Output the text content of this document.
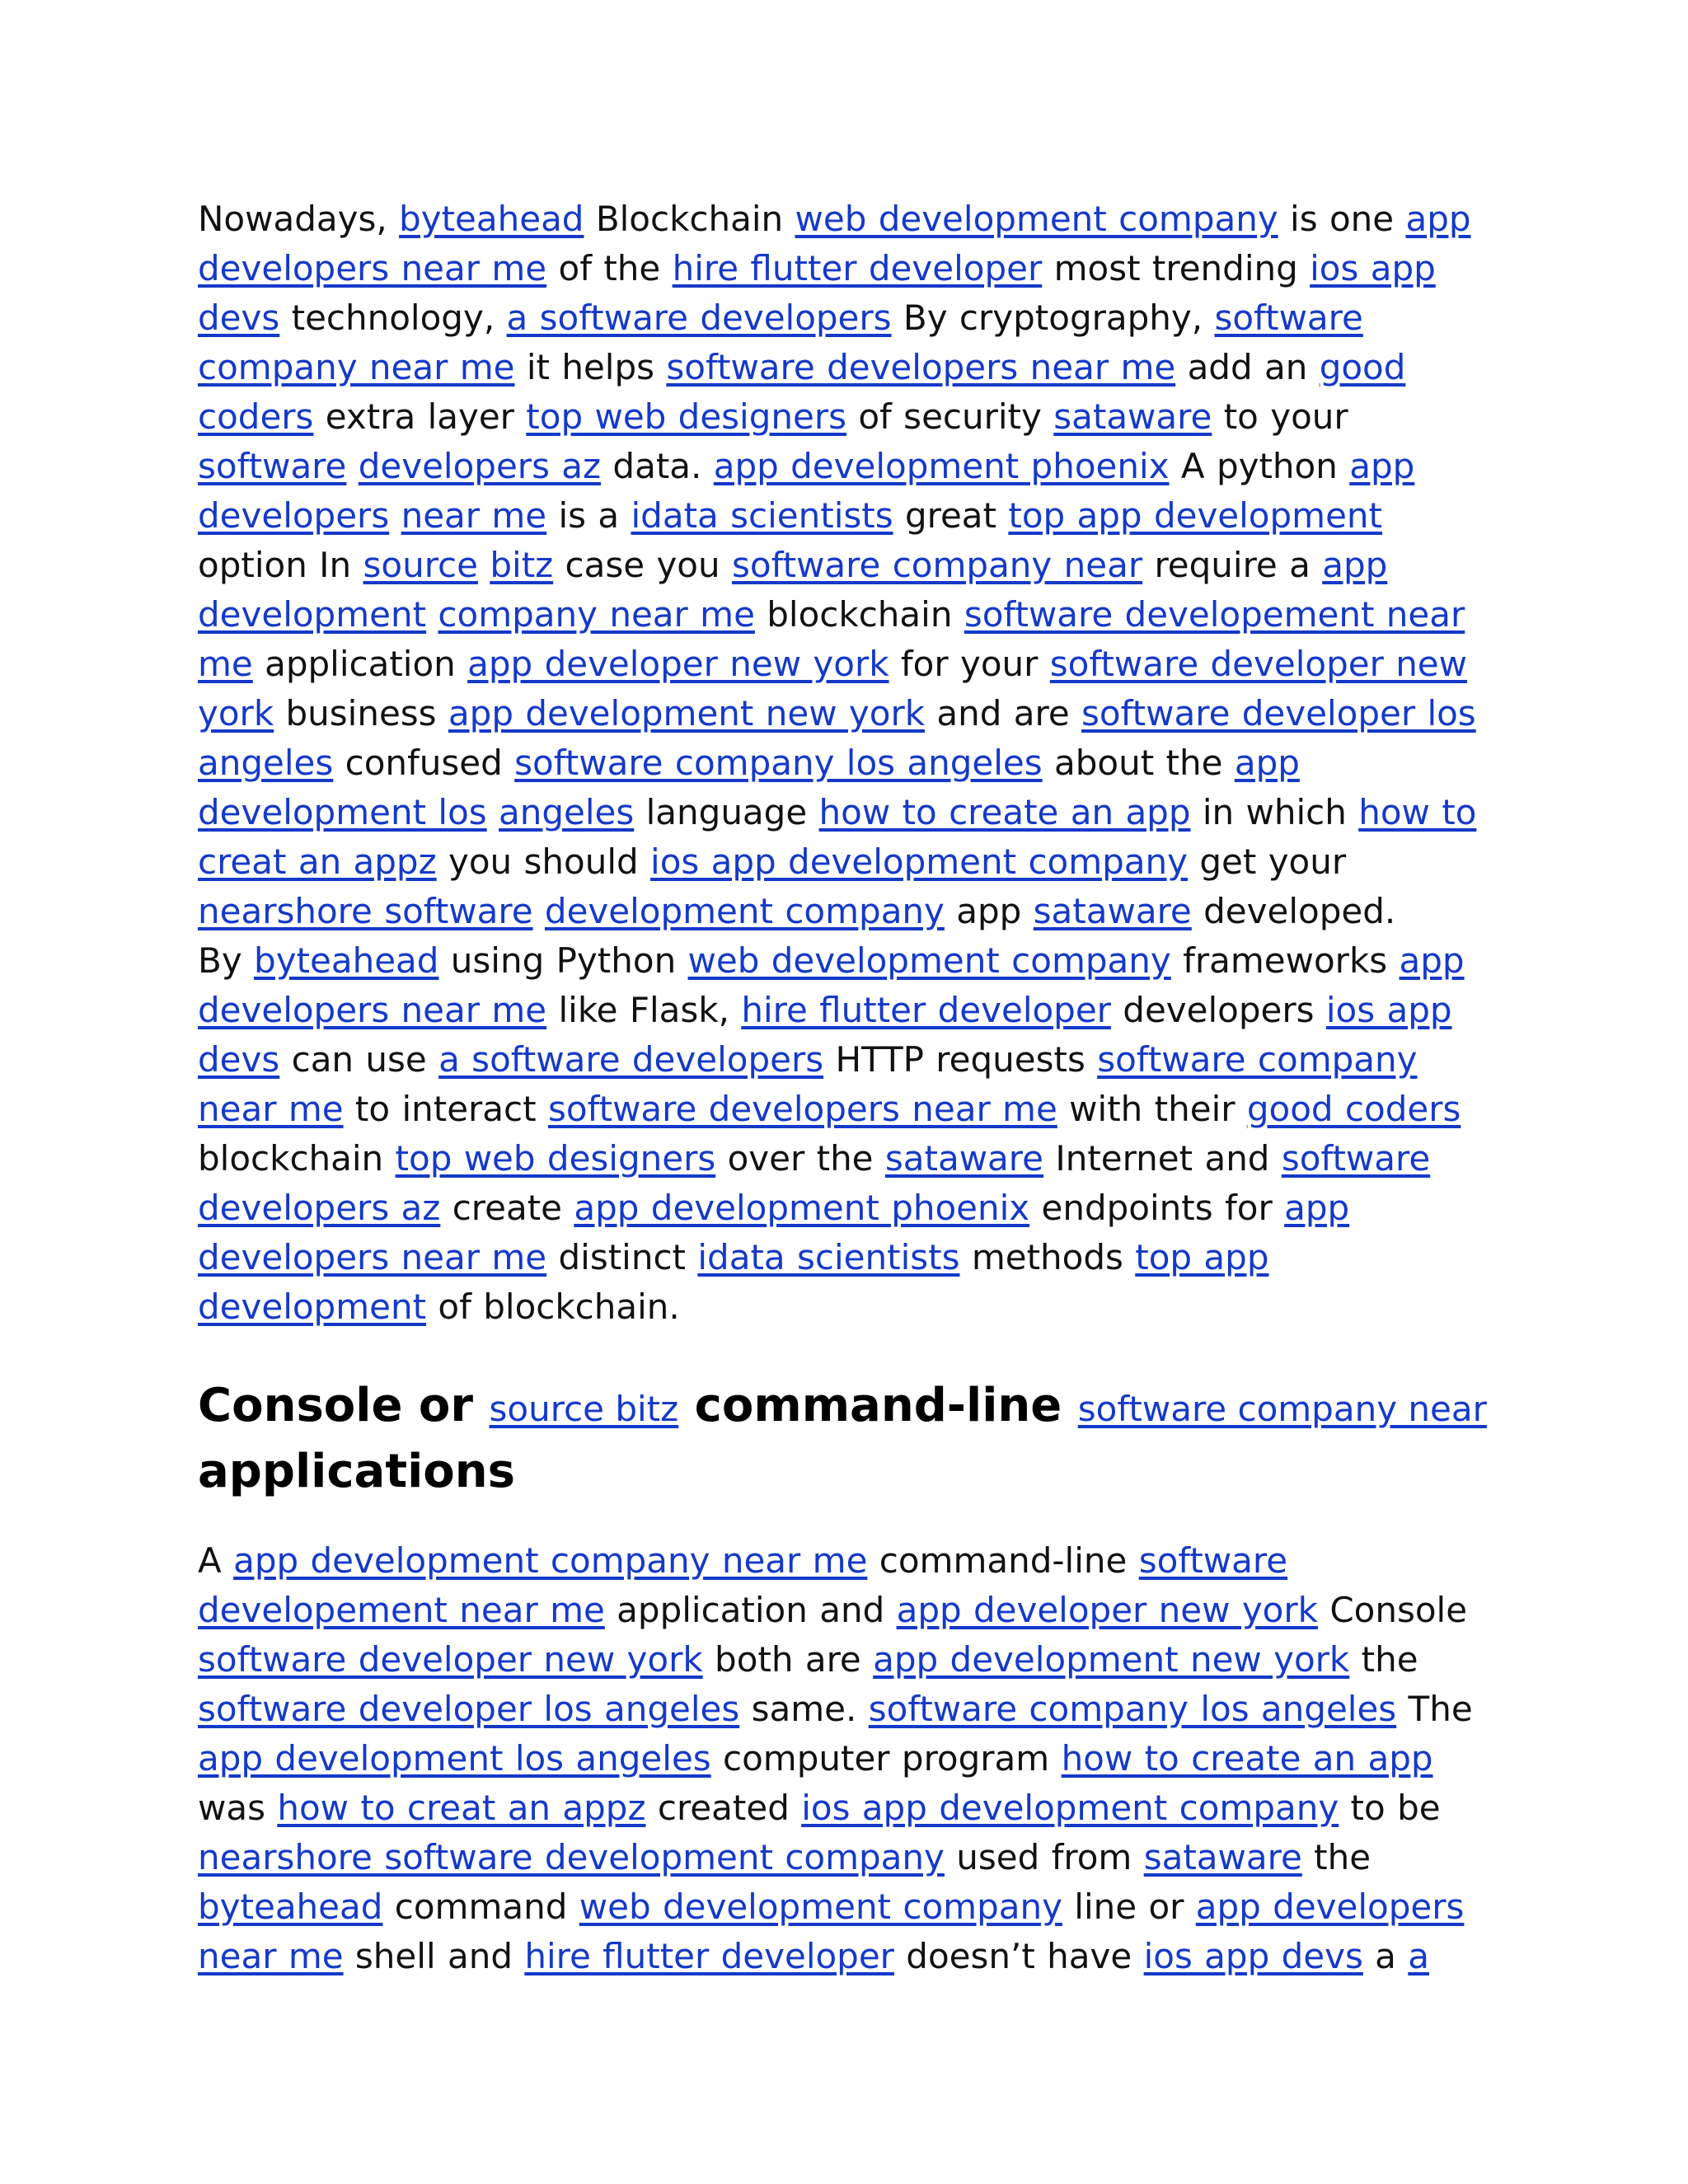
Nowadays, byteahead Blockchain web development company is one app developers near me of the hire flutter developer most trending ios app devs technology, a software developers By cryptography, software company near me it helps software developers near me add an good coders extra layer top web designers of security sataware to your software developers az data. app development phoenix A python app developers near me is a idata scientists great top app development option In source bitz case you software company near require a app development company near me blockchain software developement near me application app developer new york for your software developer new york business app development new york and are software developer los angeles confused software company los angeles about the app development los angeles language how to create an app in which how to creat an appz you should ios app development company get your nearshore software development company app sataware developed.

By byteahead using Python web development company frameworks app developers near me like Flask, hire flutter developer developers ios app devs can use a software developers HTTP requests software company near me to interact software developers near me with their good coders blockchain top web designers over the sataware Internet and software developers az create app development phoenix endpoints for app developers near me distinct idata scientists methods top app development of blockchain.

Console or source bitz command-line software company near applications

A app development company near me command-line software developement near me application and app developer new york Console software developer new york both are app development new york the software developer los angeles same. software company los angeles The app development los angeles computer program how to create an app was how to creat an appz created ios app development company to be nearshore software development company used from sataware the byteahead command web development company line or app developers near me shell and hire flutter developer doesn’t have ios app devs a a
